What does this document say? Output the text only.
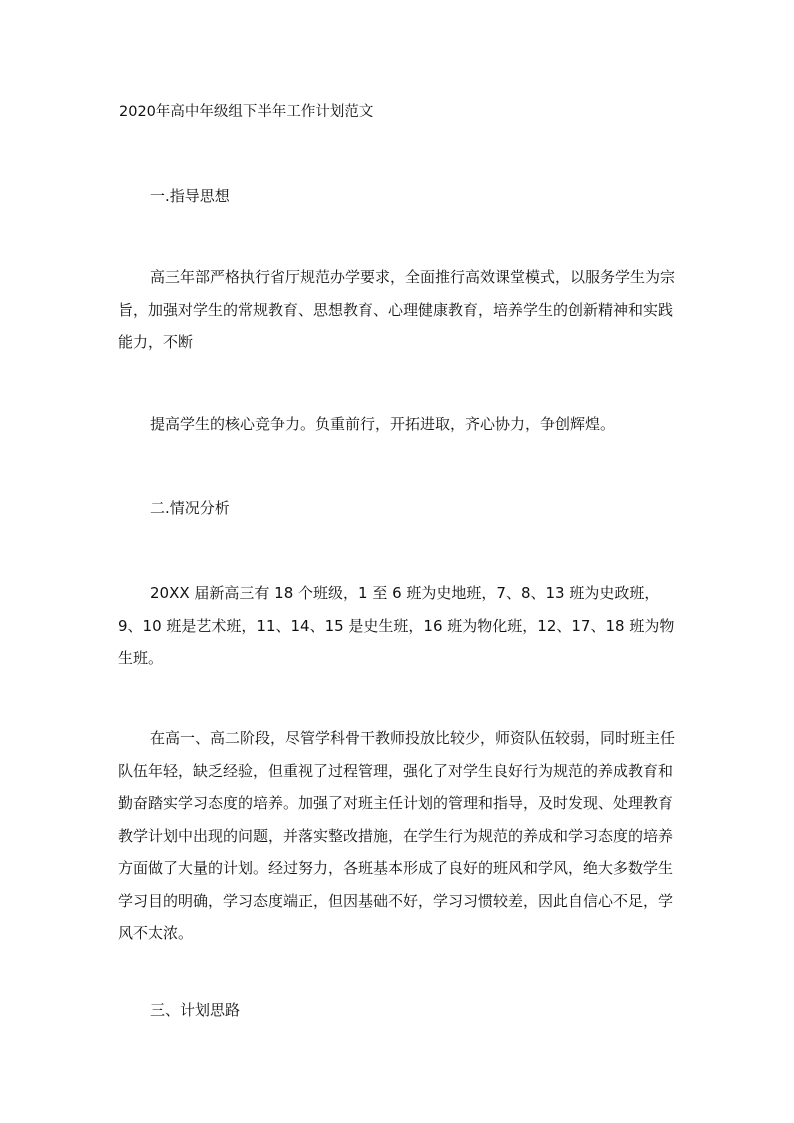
2020年高中年级组下半年工作计划范文
一.指导思想

高三年部严格执行省厅规范办学要求，全面推行高效课堂模式，以服务学生为宗旨，加强对学生的常规教育、思想教育、心理健康教育，培养学生的创新精神和实践能力，不断

提高学生的核心竞争力。负重前行，开拓进取，齐心协力，争创辉煌。

二.情况分析

20XX 届新高三有 18 个班级，1 至 6 班为史地班，7、8、13 班为史政班，9、10 班是艺术班，11、14、15 是史生班，16 班为物化班，12、17、18 班为物生班。

在高一、高二阶段，尽管学科骨干教师投放比较少，师资队伍较弱，同时班主任队伍年轻，缺乏经验，但重视了过程管理，强化了对学生良好行为规范的养成教育和勤奋踏实学习态度的培养。加强了对班主任计划的管理和指导，及时发现、处理教育教学计划中出现的问题，并落实整改措施，在学生行为规范的养成和学习态度的培养方面做了大量的计划。经过努力，各班基本形成了良好的班风和学风，绝大多数学生学习目的明确，学习态度端正，但因基础不好，学习习惯较差，因此自信心不足，学风不太浓。

三、计划思路
